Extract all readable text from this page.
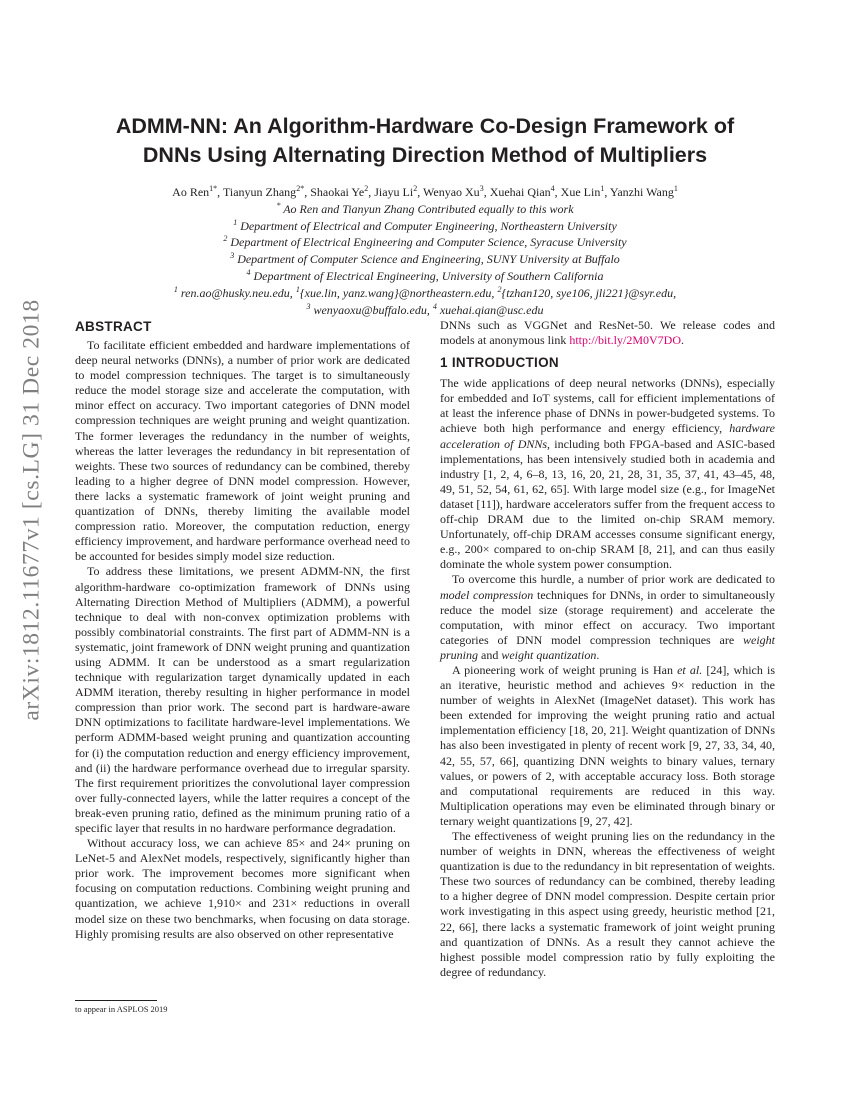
arXiv:1812.11677v1 [cs.LG] 31 Dec 2018
ADMM-NN: An Algorithm-Hardware Co-Design Framework of
DNNs Using Alternating Direction Method of Multipliers
Ao Ren$^{1*}$, Tianyun Zhang$^{2*}$, Shaokai Ye$^2$, Jiayu Li$^2$, Wenyao Xu$^3$, Xuehai Qian$^4$, Xue Lin$^1$, Yanzhi Wang$^1$
* Ao Ren and Tianyun Zhang Contributed equally to this work
$^1$ Department of Electrical and Computer Engineering, Northeastern University
$^2$ Department of Electrical Engineering and Computer Science, Syracuse University
$^3$ Department of Computer Science and Engineering, SUNY University at Buffalo
$^4$ Department of Electrical Engineering, University of Southern California
$^1$ ren.ao@husky.neu.edu, $^1${xue.lin, yanz.wang}@northeastern.edu, $^2${tzhan120, sye106, jli221}@syr.edu,
$^3$ wenyaoxu@buffalo.edu, $^4$ xuehai.qian@usc.edu
ABSTRACT

To facilitate efficient embedded and hardware implementations of deep neural networks (DNNs), a number of prior work are dedicated to model compression techniques. The target is to simultaneously reduce the model storage size and accelerate the computation, with minor effect on accuracy. Two important categories of DNN model compression techniques are weight pruning and weight quantization. The former leverages the redundancy in the number of weights, whereas the latter leverages the redundancy in bit representation of weights. These two sources of redundancy can be combined, thereby leading to a higher degree of DNN model compression. However, there lacks a systematic framework of joint weight pruning and quantization of DNNs, thereby limiting the available model compression ratio. Moreover, the computation reduction, energy efficiency improvement, and hardware performance overhead need to be accounted for besides simply model size reduction.

To address these limitations, we present ADMM-NN, the first algorithm-hardware co-optimization framework of DNNs using Alternating Direction Method of Multipliers (ADMM), a powerful technique to deal with non-convex optimization problems with possibly combinatorial constraints. The first part of ADMM-NN is a systematic, joint framework of DNN weight pruning and quantization using ADMM. It can be understood as a smart regularization technique with regularization target dynamically updated in each ADMM iteration, thereby resulting in higher performance in model compression than prior work. The second part is hardware-aware DNN optimizations to facilitate hardware-level implementations. We perform ADMM-based weight pruning and quantization accounting for (i) the computation reduction and energy efficiency improvement, and (ii) the hardware performance overhead due to irregular sparsity. The first requirement prioritizes the convolutional layer compression over fully-connected layers, while the latter requires a concept of the break-even pruning ratio, defined as the minimum pruning ratio of a specific layer that results in no hardware performance degradation.

Without accuracy loss, we can achieve 85× and 24× pruning on LeNet-5 and AlexNet models, respectively, significantly higher than prior work. The improvement becomes more significant when focusing on computation reductions. Combining weight pruning and quantization, we achieve 1,910× and 231× reductions in overall model size on these two benchmarks, when focusing on data storage. Highly promising results are also observed on other representative

DNNs such as VGGNet and ResNet-50. We release codes and models at anonymous link http://bit.ly/2M0V7DO.

1 INTRODUCTION

The wide applications of deep neural networks (DNNs), especially for embedded and IoT systems, call for efficient implementations of at least the inference phase of DNNs in power-budgeted systems. To achieve both high performance and energy efficiency, hardware acceleration of DNNs, including both FPGA-based and ASIC-based implementations, has been intensively studied both in academia and industry [1, 2, 4, 6–8, 13, 16, 20, 21, 28, 31, 35, 37, 41, 43–45, 48, 49, 51, 52, 54, 61, 62, 65]. With large model size (e.g., for ImageNet dataset [11]), hardware accelerators suffer from the frequent access to off-chip DRAM due to the limited on-chip SRAM memory. Unfortunately, off-chip DRAM accesses consume significant energy, e.g., 200× compared to on-chip SRAM [8, 21], and can thus easily dominate the whole system power consumption.

To overcome this hurdle, a number of prior work are dedicated to model compression techniques for DNNs, in order to simultaneously reduce the model size (storage requirement) and accelerate the computation, with minor effect on accuracy. Two important categories of DNN model compression techniques are weight pruning and weight quantization.

A pioneering work of weight pruning is Han et al. [24], which is an iterative, heuristic method and achieves 9× reduction in the number of weights in AlexNet (ImageNet dataset). This work has been extended for improving the weight pruning ratio and actual implementation efficiency [18, 20, 21]. Weight quantization of DNNs has also been investigated in plenty of recent work [9, 27, 33, 34, 40, 42, 55, 57, 66], quantizing DNN weights to binary values, ternary values, or powers of 2, with acceptable accuracy loss. Both storage and computational requirements are reduced in this way. Multiplication operations may even be eliminated through binary or ternary weight quantizations [9, 27, 42].

The effectiveness of weight pruning lies on the redundancy in the number of weights in DNN, whereas the effectiveness of weight quantization is due to the redundancy in bit representation of weights. These two sources of redundancy can be combined, thereby leading to a higher degree of DNN model compression. Despite certain prior work investigating in this aspect using greedy, heuristic method [21, 22, 66], there lacks a systematic framework of joint weight pruning and quantization of DNNs. As a result they cannot achieve the highest possible model compression ratio by fully exploiting the degree of redundancy.

to appear in ASPLOS 2019
